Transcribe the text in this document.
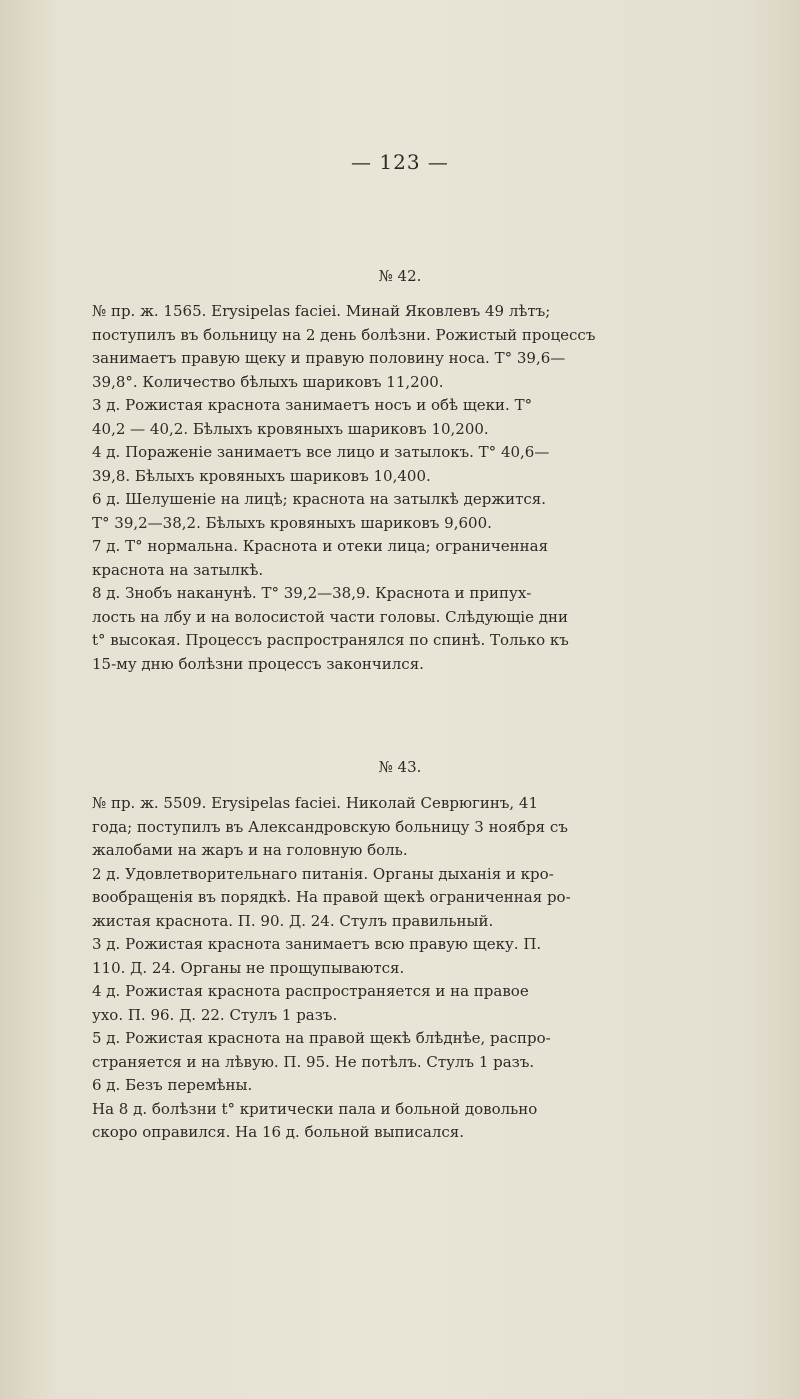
— 123 —
№ 42.
№ пр. ж. 1565. Erysipelas faciei. Минай Яковлевъ 49 лѣтъ;
поступилъ въ больницу на 2 день болѣзни. Рожистый процессъ
занимаетъ правую щеку и правую половину носа. T° 39,6—
39,8°. Количество бѣлыхъ шариковъ 11,200.
3 д. Рожистая краснота занимаетъ носъ и обѣ щеки. T°
40,2 — 40,2. Бѣлыхъ кровяныхъ шариковъ 10,200.
4 д. Пораженіе занимаетъ все лицо и затылокъ. T° 40,6—
39,8. Бѣлыхъ кровяныхъ шариковъ 10,400.
6 д. Шелушеніе на лицѣ; краснота на затылкѣ держится.
T° 39,2—38,2. Бѣлыхъ кровяныхъ шариковъ 9,600.
7 д. T° нормальна. Краснота и отеки лица; ограниченная
краснота на затылкѣ.
8 д. Знобъ наканунѣ. T° 39,2—38,9. Краснота и припух-
лость на лбу и на волосистой части головы. Слѣдующіе дни
t° высокая. Процессъ распространялся по спинѣ. Только къ
15-му дню болѣзни процессъ закончился.
№ 43.
№ пр. ж. 5509. Erysipelas faciei. Николай Севрюгинъ, 41
года; поступилъ въ Александровскую больницу 3 ноября съ
жалобами на жаръ и на головную боль.
2 д. Удовлетворительнаго питанія. Органы дыханія и кро-
вообращенія въ порядкѣ. На правой щекѣ ограниченная ро-
жистая краснота. П. 90. Д. 24. Стулъ правильный.
3 д. Рожистая краснота занимаетъ всю правую щеку. П.
110. Д. 24. Органы не прощупываются.
4 д. Рожистая краснота распространяется и на правое
ухо. П. 96. Д. 22. Стулъ 1 разъ.
5 д. Рожистая краснота на правой щекѣ блѣднѣе, распро-
страняется и на лѣвую. П. 95. Не потѣлъ. Стулъ 1 разъ.
6 д. Безъ перемѣны.
На 8 д. болѣзни t° критически пала и больной довольно
скоро оправился. На 16 д. больной выписался.
